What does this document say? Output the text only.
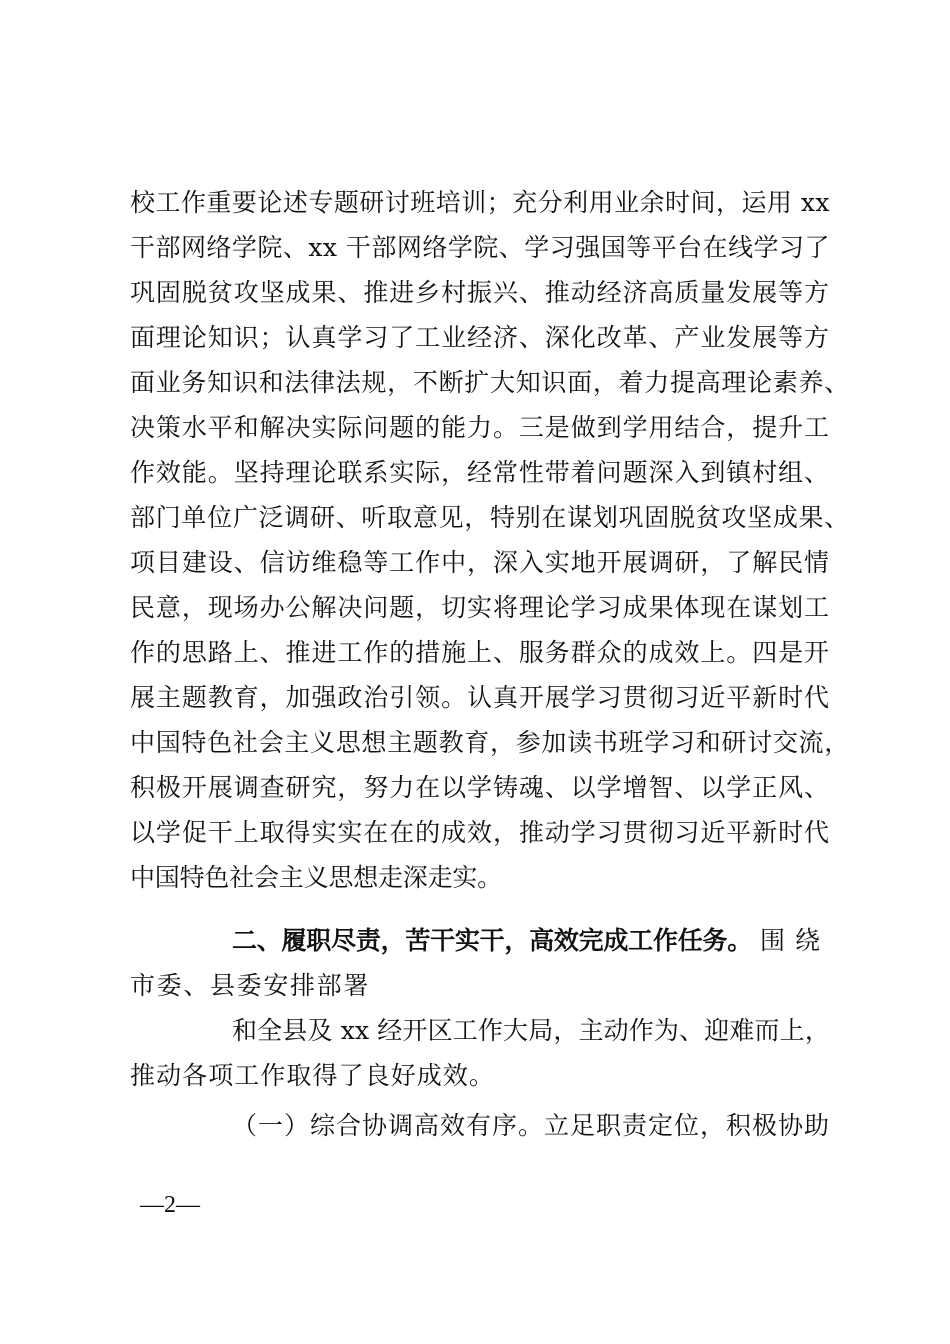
校工作重要论述专题研讨班培训；充分利用业余时间，运用 xx
干部网络学院、xx 干部网络学院、学习强国等平台在线学习了
巩固脱贫攻坚成果、推进乡村振兴、推动经济高质量发展等方
面理论知识；认真学习了工业经济、深化改革、产业发展等方
面业务知识和法律法规，不断扩大知识面，着力提高理论素养、
决策水平和解决实际问题的能力。三是做到学用结合，提升工
作效能。坚持理论联系实际，经常性带着问题深入到镇村组、
部门单位广泛调研、听取意见，特别在谋划巩固脱贫攻坚成果、
项目建设、信访维稳等工作中，深入实地开展调研，了解民情
民意，现场办公解决问题，切实将理论学习成果体现在谋划工
作的思路上、推进工作的措施上、服务群众的成效上。四是开
展主题教育，加强政治引领。认真开展学习贯彻习近平新时代
中国特色社会主义思想主题教育，参加读书班学习和研讨交流，
积极开展调查研究，努力在以学铸魂、以学增智、以学正风、
以学促干上取得实实在在的成效，推动学习贯彻习近平新时代
中国特色社会主义思想走深走实。
二、履职尽责，苦干实干，高效完成工作任务。 围绕
市委、县委安排部署
和全县及 xx 经开区工作大局，主动作为、迎难而上，
推动各项工作取得了良好成效。
（一）综合协调高效有序。立足职责定位，积极协助
—2—
